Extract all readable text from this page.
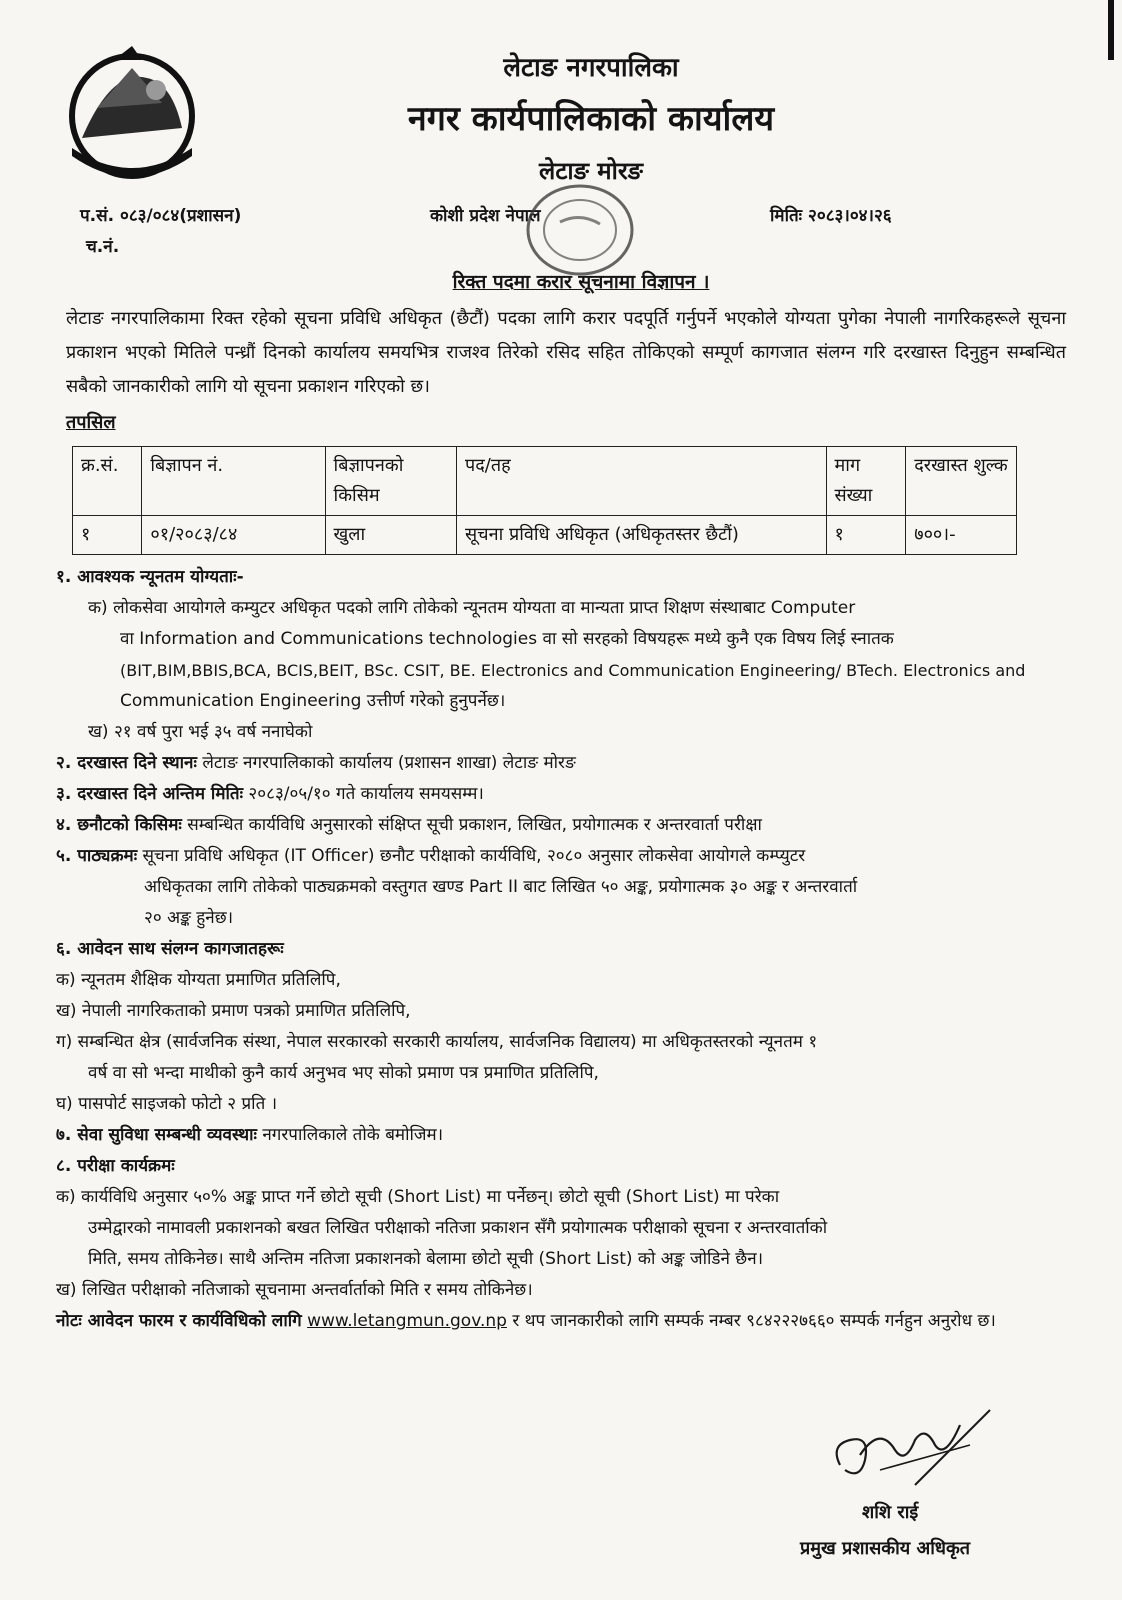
लेटाङ नगरपालिका
नगर कार्यपालिकाको कार्यालय
लेटाङ मोरङ
प.सं. ०८३/०८४(प्रशासन)
च.नं.
कोशी प्रदेश नेपाल	मितिः २०८३।०४।२६
रिक्त पदमा करार सूचनामा विज्ञापन ।
लेटाङ नगरपालिकामा रिक्त रहेको सूचना प्रविधि अधिकृत (छैटौं) पदका लागि करार पदपूर्ति गर्नुपर्ने भएकोले योग्यता पुगेका नेपाली नागरिकहरूले सूचना प्रकाशन भएको मितिले पन्ध्रौं दिनको कार्यालय समयभित्र राजश्व तिरेको रसिद सहित तोकिएको सम्पूर्ण कागजात संलग्न गरि दरखास्त दिनुहुन सम्बन्धित सबैको जानकारीको लागि यो सूचना प्रकाशन गरिएको छ।
तपसिल
क्र.सं.	बिज्ञापन नं.	बिज्ञापनको किसिम	पद/तह	माग संख्या	दरखास्त शुल्क
१	०१/२०८३/८४	खुला	सूचना प्रविधि अधिकृत (अधिकृतस्तर छैटौं)	१	७००।-
१. आवश्यक न्यूनतम योग्यताः-
क) लोकसेवा आयोगले कम्युटर अधिकृत पदको लागि तोकेको न्यूनतम योग्यता वा मान्यता प्राप्त शिक्षण संस्थाबाट Computer
वा Information and Communications technologies वा सो सरहको विषयहरू मध्ये कुनै एक विषय लिई स्नातक
(BIT,BIM,BBIS,BCA, BCIS,BEIT, BSc. CSIT, BE. Electronics and Communication Engineering/ BTech. Electronics and
Communication Engineering उत्तीर्ण गरेको हुनुपर्नेछ।
ख) २१ वर्ष पुरा भई ३५ वर्ष ननाघेको
२. दरखास्त दिने स्थानः लेटाङ नगरपालिकाको कार्यालय (प्रशासन शाखा) लेटाङ मोरङ
३. दरखास्त दिने अन्तिम मितिः २०८३/०५/१० गते कार्यालय समयसम्म।
४. छनौटको किसिमः सम्बन्धित कार्यविधि अनुसारको संक्षिप्त सूची प्रकाशन, लिखित, प्रयोगात्मक र अन्तरवार्ता परीक्षा
५. पाठ्यक्रमः सूचना प्रविधि अधिकृत (IT Officer) छनौट परीक्षाको कार्यविधि, २०८० अनुसार लोकसेवा आयोगले कम्प्युटर
अधिकृतका लागि तोकेको पाठ्यक्रमको वस्तुगत खण्ड Part II बाट लिखित ५० अङ्क, प्रयोगात्मक ३० अङ्क र अन्तरवार्ता
२० अङ्क हुनेछ।
६. आवेदन साथ संलग्न कागजातहरूः
क) न्यूनतम शैक्षिक योग्यता प्रमाणित प्रतिलिपि,
ख) नेपाली नागरिकताको प्रमाण पत्रको प्रमाणित प्रतिलिपि,
ग) सम्बन्धित क्षेत्र (सार्वजनिक संस्था, नेपाल सरकारको सरकारी कार्यालय, सार्वजनिक विद्यालय) मा अधिकृतस्तरको न्यूनतम १
वर्ष वा सो भन्दा माथीको कुनै कार्य अनुभव भए सोको प्रमाण पत्र प्रमाणित प्रतिलिपि,
घ) पासपोर्ट साइजको फोटो २ प्रति ।
७. सेवा सुविधा सम्बन्धी व्यवस्थाः नगरपालिकाले तोके बमोजिम।
८. परीक्षा कार्यक्रमः
क) कार्यविधि अनुसार ५०% अङ्क प्राप्त गर्ने छोटो सूची (Short List) मा पर्नेछन्। छोटो सूची (Short List) मा परेका
उम्मेद्वारको नामावली प्रकाशनको बखत लिखित परीक्षाको नतिजा प्रकाशन सँगै प्रयोगात्मक परीक्षाको सूचना र अन्तरवार्ताको
मिति, समय तोकिनेछ। साथै अन्तिम नतिजा प्रकाशनको बेलामा छोटो सूची (Short List) को अङ्क जोडिने छैन।
ख) लिखित परीक्षाको नतिजाको सूचनामा अन्तर्वार्ताको मिति र समय तोकिनेछ।
नोटः आवेदन फारम र कार्यविधिको लागि www.letangmun.gov.np र थप जानकारीको लागि सम्पर्क नम्बर ९८४२२२७६६० सम्पर्क गर्नहुन अनुरोध छ।
शशि राई
प्रमुख प्रशासकीय अधिकृत
